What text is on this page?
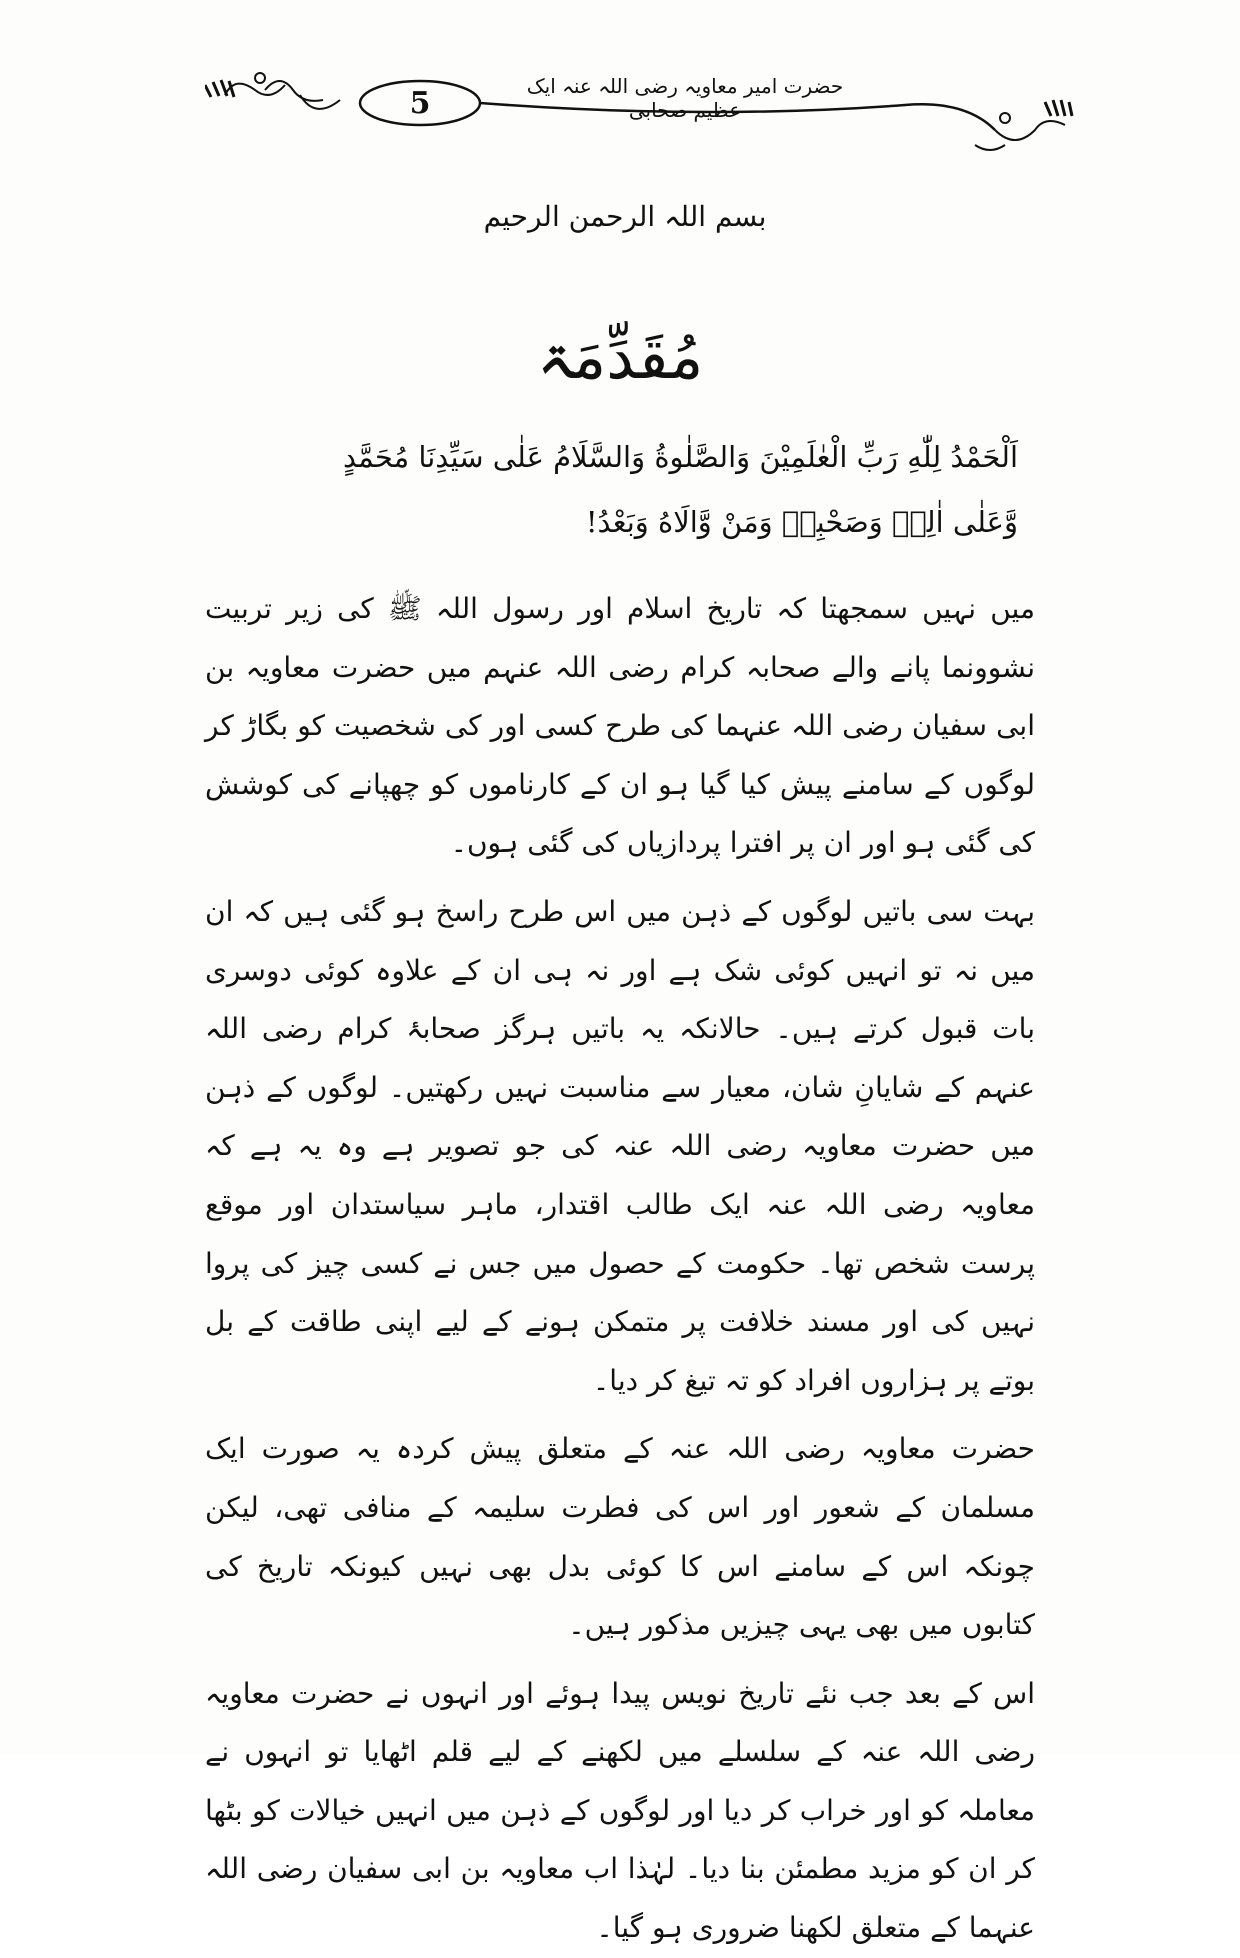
5	حضرت امیر معاویہ رضی اللہ عنہ ایک عظیم صحابی
بسم اللہ الرحمن الرحیم
مُقَدِّمَۃ
اَلْحَمْدُ لِلّٰهِ رَبِّ الْعٰلَمِيْنَ وَالصَّلٰوةُ وَالسَّلَامُ عَلٰى سَيِّدِنَا مُحَمَّدٍ
وَّعَلٰى اٰلِهٖ وَصَحْبِهٖ وَمَنْ وَّالَاهُ وَبَعْدُ!

میں نہیں سمجھتا کہ تاریخ اسلام اور رسول اللہ ﷺ کی زیر تربیت نشوونما پانے والے صحابہ کرام رضی اللہ عنہم میں حضرت معاویہ بن ابی سفیان رضی اللہ عنہما کی طرح کسی اور کی شخصیت کو بگاڑ کر لوگوں کے سامنے پیش کیا گیا ہو ان کے کارناموں کو چھپانے کی کوشش کی گئی ہو اور ان پر افترا پردازیاں کی گئی ہوں۔

بہت سی باتیں لوگوں کے ذہن میں اس طرح راسخ ہو گئی ہیں کہ ان میں نہ تو انہیں کوئی شک ہے اور نہ ہی ان کے علاوہ کوئی دوسری بات قبول کرتے ہیں۔ حالانکہ یہ باتیں ہرگز صحابۂ کرام رضی اللہ عنہم کے شایانِ شان، معیار سے مناسبت نہیں رکھتیں۔ لوگوں کے ذہن میں حضرت معاویہ رضی اللہ عنہ کی جو تصویر ہے وہ یہ ہے کہ معاویہ رضی اللہ عنہ ایک طالب اقتدار، ماہر سیاستدان اور موقع پرست شخص تھا۔ حکومت کے حصول میں جس نے کسی چیز کی پروا نہیں کی اور مسند خلافت پر متمکن ہونے کے لیے اپنی طاقت کے بل بوتے پر ہزاروں افراد کو تہ تیغ کر دیا۔

حضرت معاویہ رضی اللہ عنہ کے متعلق پیش کردہ یہ صورت ایک مسلمان کے شعور اور اس کی فطرت سلیمہ کے منافی تھی، لیکن چونکہ اس کے سامنے اس کا کوئی بدل بھی نہیں کیونکہ تاریخ کی کتابوں میں بھی یہی چیزیں مذکور ہیں۔

اس کے بعد جب نئے تاریخ نویس پیدا ہوئے اور انہوں نے حضرت معاویہ رضی اللہ عنہ کے سلسلے میں لکھنے کے لیے قلم اٹھایا تو انہوں نے معاملہ کو اور خراب کر دیا اور لوگوں کے ذہن میں انہیں خیالات کو بٹھا کر ان کو مزید مطمئن بنا دیا۔ لہٰذا اب معاویہ بن ابی سفیان رضی اللہ عنہما کے متعلق لکھنا ضروری ہو گیا۔
